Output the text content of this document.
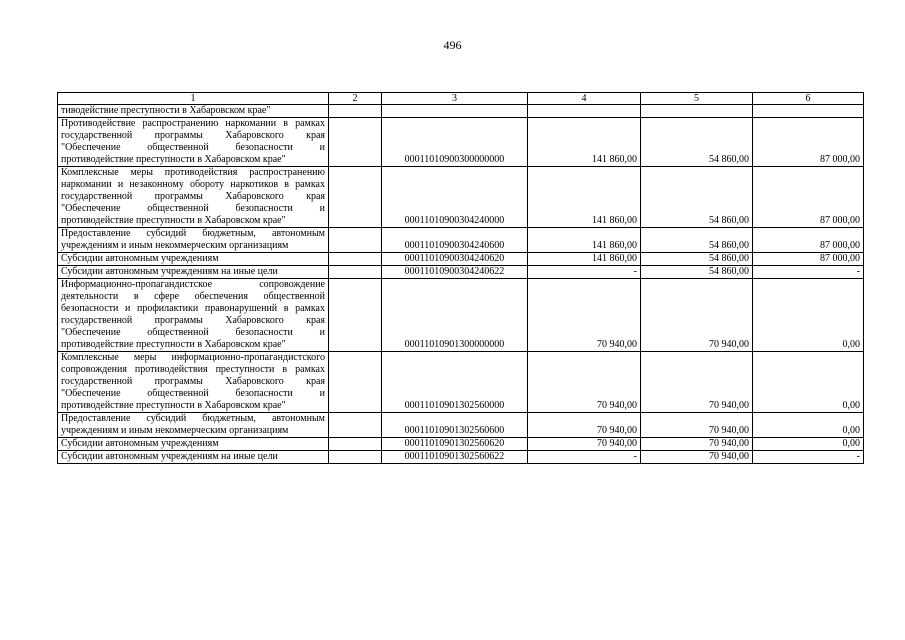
496
1	2	3	4	5	6
тиводействие преступности в Хабаровском крае"					
Противодействие распространению наркомании в рамках государственной программы Хабаровского края "Обеспечение общественной безопасности и противодействие преступности в Хабаровском крае"		00011010900300000000	141 860,00	54 860,00	87 000,00
Комплексные меры противодействия распространению наркомании и незаконному обороту наркотиков в рамках государственной программы Хабаровского края "Обеспечение общественной безопасности и противодействие преступности в Хабаровском крае"		00011010900304240000	141 860,00	54 860,00	87 000,00
Предоставление субсидий бюджетным, автономным учреждениям и иным некоммерческим организациям		00011010900304240600	141 860,00	54 860,00	87 000,00
Субсидии автономным учреждениям		00011010900304240620	141 860,00	54 860,00	87 000,00
Субсидии автономным учреждениям на иные цели		00011010900304240622	-	54 860,00	-
Информационно-пропагандистское сопровождение деятельности в сфере обеспечения общественной безопасности и профилактики правонарушений в рамках государственной программы Хабаровского края "Обеспечение общественной безопасности и противодействие преступности в Хабаровском крае"		00011010901300000000	70 940,00	70 940,00	0,00
Комплексные меры информационно-пропагандистского сопровождения противодействия преступности в рамках государственной программы Хабаровского края "Обеспечение общественной безопасности и противодействие преступности в Хабаровском крае"		00011010901302560000	70 940,00	70 940,00	0,00
Предоставление субсидий бюджетным, автономным учреждениям и иным некоммерческим организациям		00011010901302560600	70 940,00	70 940,00	0,00
Субсидии автономным учреждениям		00011010901302560620	70 940,00	70 940,00	0,00
Субсидии автономным учреждениям на иные цели		00011010901302560622	-	70 940,00	-
